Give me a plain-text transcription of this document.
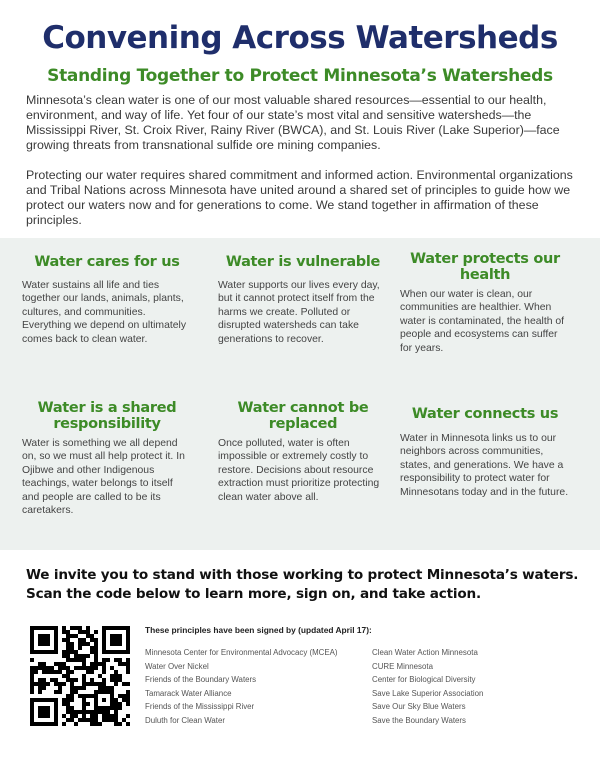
Convening Across Watersheds
Standing Together to Protect Minnesota’s Watersheds

Minnesota’s clean water is one of our most valuable shared resources—essential to our health, environment, and way of life. Yet four of our state’s most vital and sensitive watersheds—the Mississippi River, St. Croix River, Rainy River (BWCA), and St. Louis River (Lake Superior)—face growing threats from transnational sulfide ore mining companies.

Protecting our water requires shared commitment and informed action. Environmental organizations and Tribal Nations across Minnesota have united around a shared set of principles to guide how we protect our waters now and for generations to come. We stand together in affirmation of these principles.

Water cares for us

Water sustains all life and ties together our lands, animals, plants, cultures, and communities. Everything we depend on ultimately comes back to clean water.

Water is vulnerable

Water supports our lives every day, but it cannot protect itself from the harms we create. Polluted or disrupted watersheds can take generations to recover.

Water protects our health

When our water is clean, our communities are healthier. When water is contaminated, the health of people and ecosystems can suffer for years.

Water is a shared responsibility

Water is something we all depend on, so we must all help protect it. In Ojibwe and other Indigenous teachings, water belongs to itself and people are called to be its caretakers.

Water cannot be replaced

Once polluted, water is often impossible or extremely costly to restore. Decisions about resource extraction must prioritize protecting clean water above all.

Water connects us

Water in Minnesota links us to our neighbors across communities, states, and generations. We have a responsibility to protect water for Minnesotans today and in the future.

We invite you to stand with those working to protect Minnesota’s waters. Scan the code below to learn more, sign on, and take action.

These principles have been signed by (updated April 17):

Minnesota Center for Environmental Advocacy (MCEA)
Water Over Nickel
Friends of the Boundary Waters
Tamarack Water Alliance
Friends of the Mississippi River
Duluth for Clean Water
Clean Water Action Minnesota
CURE Minnesota
Center for Biological Diversity
Save Lake Superior Association
Save Our Sky Blue Waters
Save the Boundary Waters
